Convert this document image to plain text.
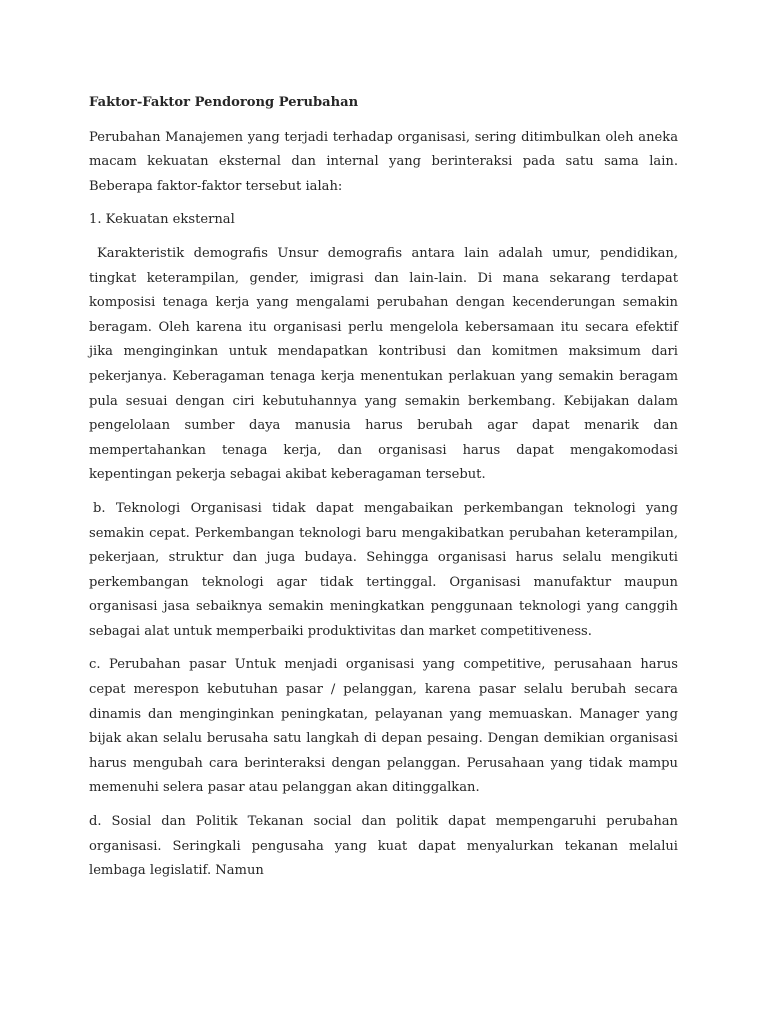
Faktor-Faktor Pendorong Perubahan

Perubahan Manajemen yang terjadi terhadap organisasi, sering ditimbulkan oleh aneka macam kekuatan eksternal dan internal yang berinteraksi pada satu sama lain. Beberapa faktor-faktor tersebut ialah:

1. Kekuatan eksternal

Karakteristik demografis Unsur demografis antara lain adalah umur, pendidikan, tingkat keterampilan, gender, imigrasi dan lain-lain. Di mana sekarang terdapat komposisi tenaga kerja yang mengalami perubahan dengan kecenderungan semakin beragam. Oleh karena itu organisasi perlu mengelola kebersamaan itu secara efektif jika menginginkan untuk mendapatkan kontribusi dan komitmen maksimum dari pekerjanya. Keberagaman tenaga kerja menentukan perlakuan yang semakin beragam pula sesuai dengan ciri kebutuhannya yang semakin berkembang. Kebijakan dalam pengelolaan sumber daya manusia harus berubah agar dapat menarik dan mempertahankan tenaga kerja, dan organisasi harus dapat mengakomodasi kepentingan pekerja sebagai akibat keberagaman tersebut.

b. Teknologi Organisasi tidak dapat mengabaikan perkembangan teknologi yang semakin cepat. Perkembangan teknologi baru mengakibatkan perubahan keterampilan, pekerjaan, struktur dan juga budaya. Sehingga organisasi harus selalu mengikuti perkembangan teknologi agar tidak tertinggal. Organisasi manufaktur maupun organisasi jasa sebaiknya semakin meningkatkan penggunaan teknologi yang canggih sebagai alat untuk memperbaiki produktivitas dan market competitiveness.

c. Perubahan pasar Untuk menjadi organisasi yang competitive, perusahaan harus cepat merespon kebutuhan pasar / pelanggan, karena pasar selalu berubah secara dinamis dan menginginkan peningkatan, pelayanan yang memuaskan. Manager yang bijak akan selalu berusaha satu langkah di depan pesaing. Dengan demikian organisasi harus mengubah cara berinteraksi dengan pelanggan. Perusahaan yang tidak mampu memenuhi selera pasar atau pelanggan akan ditinggalkan.

d. Sosial dan Politik Tekanan social dan politik dapat mempengaruhi perubahan organisasi. Seringkali pengusaha yang kuat dapat menyalurkan tekanan melalui lembaga legislatif. Namun
